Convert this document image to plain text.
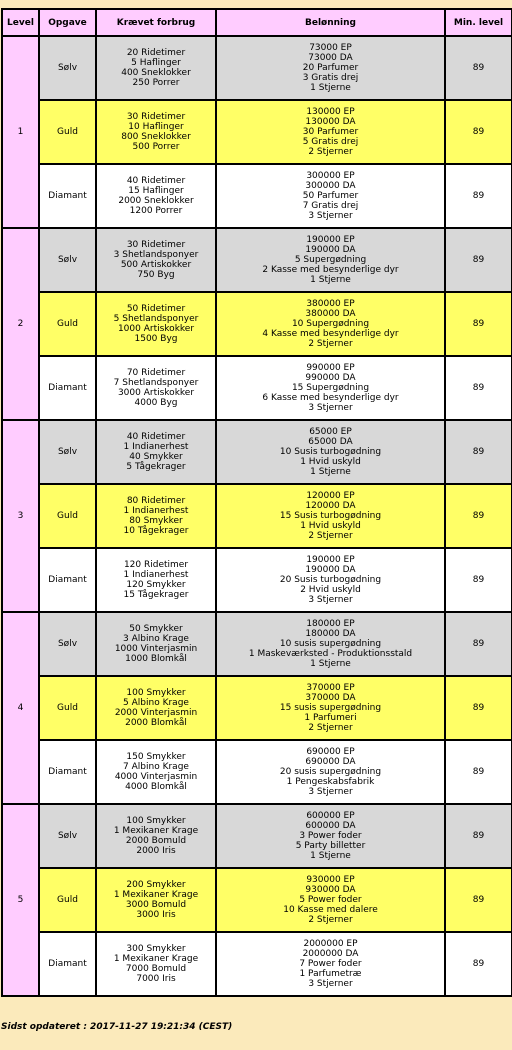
Level	Opgave	Krævet forbrug	Belønning	Min. level
1	Sølv	20 Ridetimer
5 Haflinger
400 Sneklokker
250 Porrer	73000 EP
73000 DA
20 Parfumer
3 Gratis drej
1 Stjerne	89
	Guld	30 Ridetimer
10 Haflinger
800 Sneklokker
500 Porrer	130000 EP
130000 DA
30 Parfumer
5 Gratis drej
2 Stjerner	89
	Diamant	40 Ridetimer
15 Haflinger
2000 Sneklokker
1200 Porrer	300000 EP
300000 DA
50 Parfumer
7 Gratis drej
3 Stjerner	89
2	Sølv	30 Ridetimer
3 Shetlandsponyer
500 Artiskokker
750 Byg	190000 EP
190000 DA
5 Supergødning
2 Kasse med besynderlige dyr
1 Stjerne	89
	Guld	50 Ridetimer
5 Shetlandsponyer
1000 Artiskokker
1500 Byg	380000 EP
380000 DA
10 Supergødning
4 Kasse med besynderlige dyr
2 Stjerner	89
	Diamant	70 Ridetimer
7 Shetlandsponyer
3000 Artiskokker
4000 Byg	990000 EP
990000 DA
15 Supergødning
6 Kasse med besynderlige dyr
3 Stjerner	89
3	Sølv	40 Ridetimer
1 Indianerhest
40 Smykker
5 Tågekrager	65000 EP
65000 DA
10 Susis turbogødning
1 Hvid uskyld
1 Stjerne	89
	Guld	80 Ridetimer
1 Indianerhest
80 Smykker
10 Tågekrager	120000 EP
120000 DA
15 Susis turbogødning
1 Hvid uskyld
2 Stjerner	89
	Diamant	120 Ridetimer
1 Indianerhest
120 Smykker
15 Tågekrager	190000 EP
190000 DA
20 Susis turbogødning
2 Hvid uskyld
3 Stjerner	89
4	Sølv	50 Smykker
3 Albino Krage
1000 Vinterjasmin
1000 Blomkål	180000 EP
180000 DA
10 susis supergødning
1 Maskeværksted - Produktionsstald
1 Stjerne	89
	Guld	100 Smykker
5 Albino Krage
2000 Vinterjasmin
2000 Blomkål	370000 EP
370000 DA
15 susis supergødning
1 Parfumeri
2 Stjerner	89
	Diamant	150 Smykker
7 Albino Krage
4000 Vinterjasmin
4000 Blomkål	690000 EP
690000 DA
20 susis supergødning
1 Pengeskabsfabrik
3 Stjerner	89
5	Sølv	100 Smykker
1 Mexikaner Krage
2000 Bomuld
2000 Iris	600000 EP
600000 DA
3 Power foder
5 Party billetter
1 Stjerne	89
	Guld	200 Smykker
1 Mexikaner Krage
3000 Bomuld
3000 Iris	930000 EP
930000 DA
5 Power foder
10 Kasse med dalere
2 Stjerner	89
	Diamant	300 Smykker
1 Mexikaner Krage
7000 Bomuld
7000 Iris	2000000 EP
2000000 DA
7 Power foder
1 Parfumetræ
3 Stjerner	89
Sidst opdateret : 2017-11-27 19:21:34 (CEST)
